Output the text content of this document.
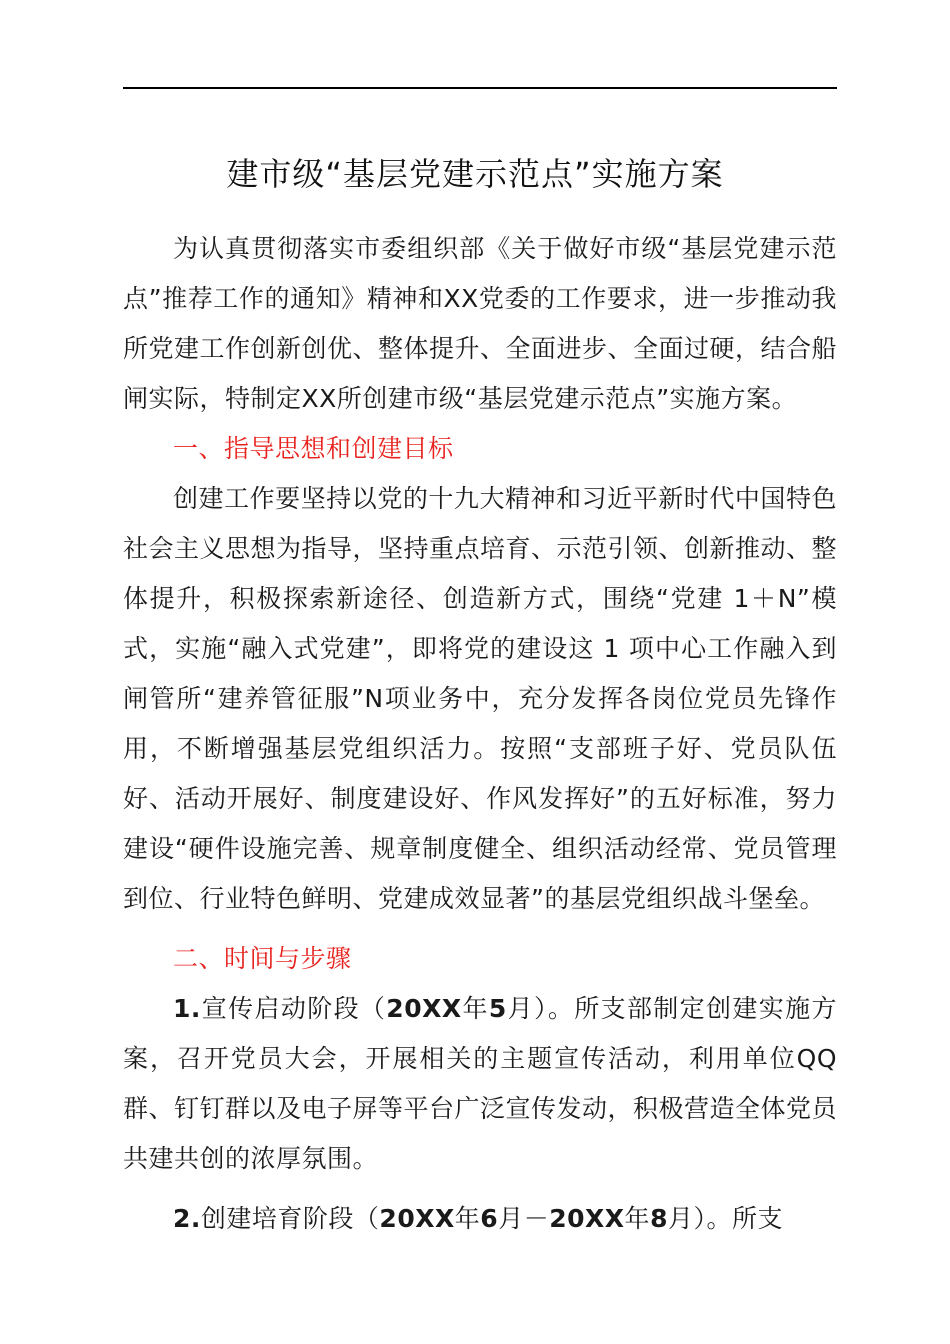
建市级“基层党建示范点”实施方案

为认真贯彻落实市委组织部《关于做好市级“基层党建示范点”推荐工作的通知》精神和XX党委的工作要求，进一步推动我所党建工作创新创优、整体提升、全面进步、全面过硬，结合船闸实际，特制定XX所创建市级“基层党建示范点”实施方案。

一、指导思想和创建目标

创建工作要坚持以党的十九大精神和习近平新时代中国特色社会主义思想为指导，坚持重点培育、示范引领、创新推动、整体提升，积极探索新途径、创造新方式，围绕“党建 1＋N”模式，实施“融入式党建”，即将党的建设这 1 项中心工作融入到闸管所“建养管征服”N项业务中，充分发挥各岗位党员先锋作用，不断增强基层党组织活力。按照“支部班子好、党员队伍好、活动开展好、制度建设好、作风发挥好”的五好标准，努力建设“硬件设施完善、规章制度健全、组织活动经常、党员管理到位、行业特色鲜明、党建成效显著”的基层党组织战斗堡垒。

二、时间与步骤

1.宣传启动阶段（20XX年5月）。所支部制定创建实施方案，召开党员大会，开展相关的主题宣传活动，利用单位QQ群、钉钉群以及电子屏等平台广泛宣传发动，积极营造全体党员共建共创的浓厚氛围。

2.创建培育阶段（20XX年6月－20XX年8月）。所支
